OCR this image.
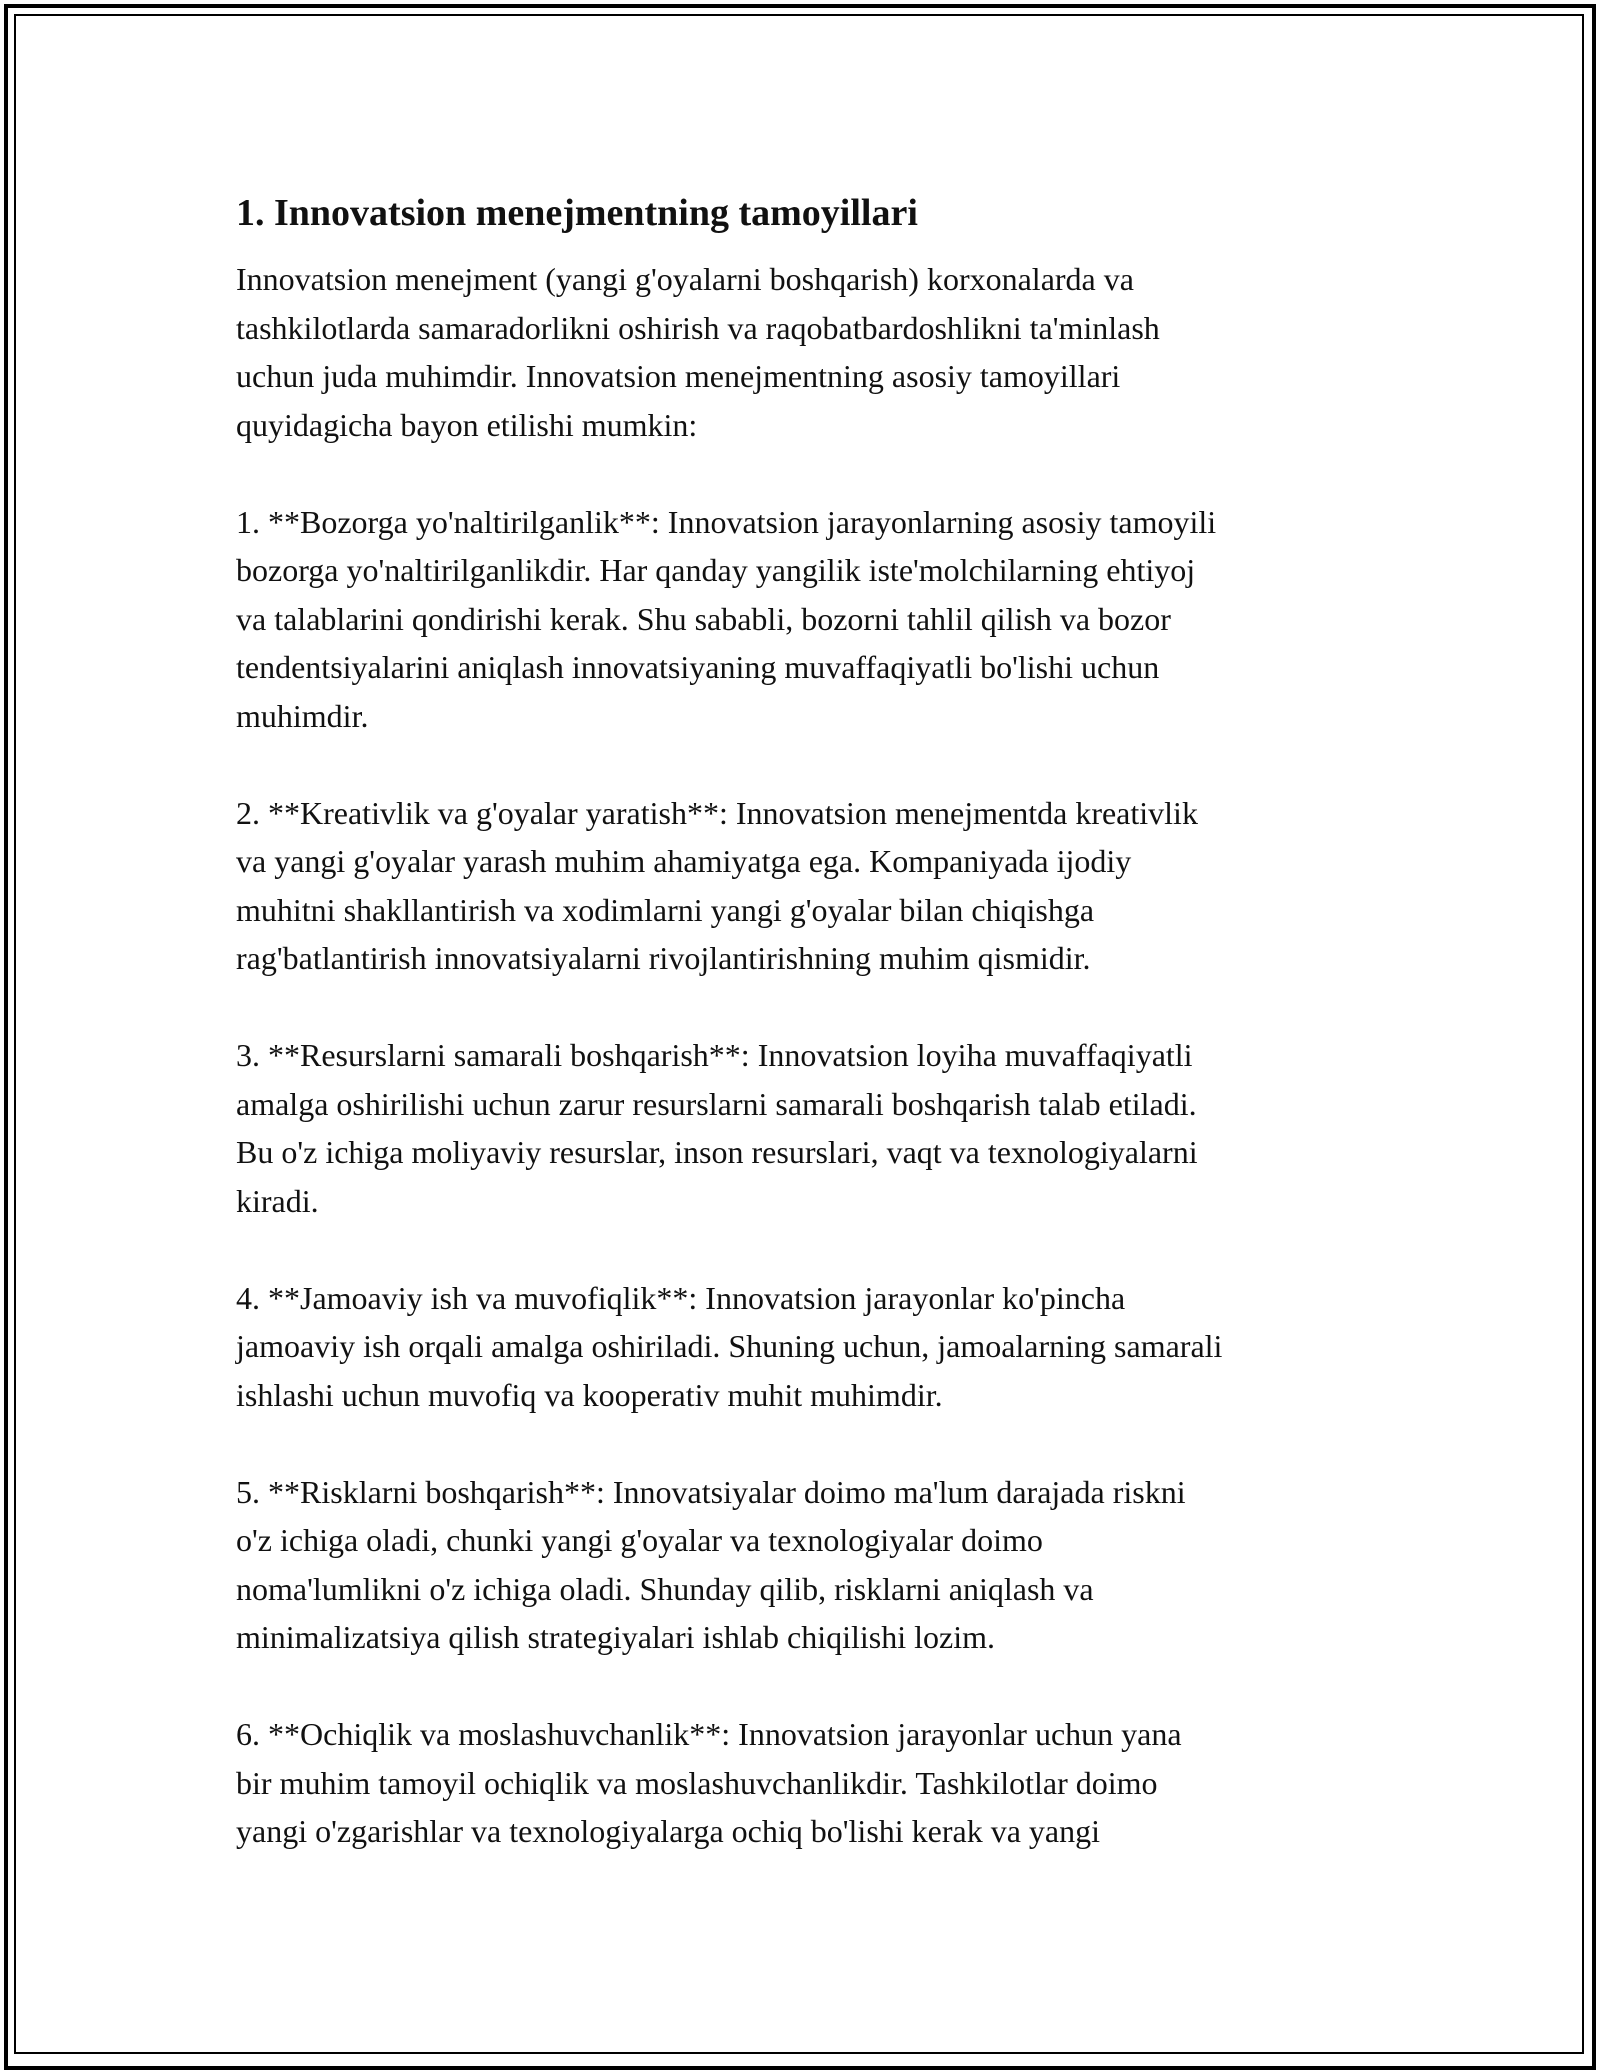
1. Innovatsion menejmentning tamoyillari

Innovatsion menejment (yangi g'oyalarni boshqarish) korxonalarda va
tashkilotlarda samaradorlikni oshirish va raqobatbardoshlikni ta'minlash
uchun juda muhimdir. Innovatsion menejmentning asosiy tamoyillari
quyidagicha bayon etilishi mumkin:

1. **Bozorga yo'naltirilganlik**: Innovatsion jarayonlarning asosiy tamoyili
bozorga yo'naltirilganlikdir. Har qanday yangilik iste'molchilarning ehtiyoj
va talablarini qondirishi kerak. Shu sababli, bozorni tahlil qilish va bozor
tendentsiyalarini aniqlash innovatsiyaning muvaffaqiyatli bo'lishi uchun
muhimdir.

2. **Kreativlik va g'oyalar yaratish**: Innovatsion menejmentda kreativlik
va yangi g'oyalar yarash muhim ahamiyatga ega. Kompaniyada ijodiy
muhitni shakllantirish va xodimlarni yangi g'oyalar bilan chiqishga
rag'batlantirish innovatsiyalarni rivojlantirishning muhim qismidir.

3. **Resurslarni samarali boshqarish**: Innovatsion loyiha muvaffaqiyatli
amalga oshirilishi uchun zarur resurslarni samarali boshqarish talab etiladi.
Bu o'z ichiga moliyaviy resurslar, inson resurslari, vaqt va texnologiyalarni
kiradi.

4. **Jamoaviy ish va muvofiqlik**: Innovatsion jarayonlar ko'pincha
jamoaviy ish orqali amalga oshiriladi. Shuning uchun, jamoalarning samarali
ishlashi uchun muvofiq va kooperativ muhit muhimdir.

5. **Risklarni boshqarish**: Innovatsiyalar doimo ma'lum darajada riskni
o'z ichiga oladi, chunki yangi g'oyalar va texnologiyalar doimo
noma'lumlikni o'z ichiga oladi. Shunday qilib, risklarni aniqlash va
minimalizatsiya qilish strategiyalari ishlab chiqilishi lozim.

6. **Ochiqlik va moslashuvchanlik**: Innovatsion jarayonlar uchun yana
bir muhim tamoyil ochiqlik va moslashuvchanlikdir. Tashkilotlar doimo
yangi o'zgarishlar va texnologiyalarga ochiq bo'lishi kerak va yangi
